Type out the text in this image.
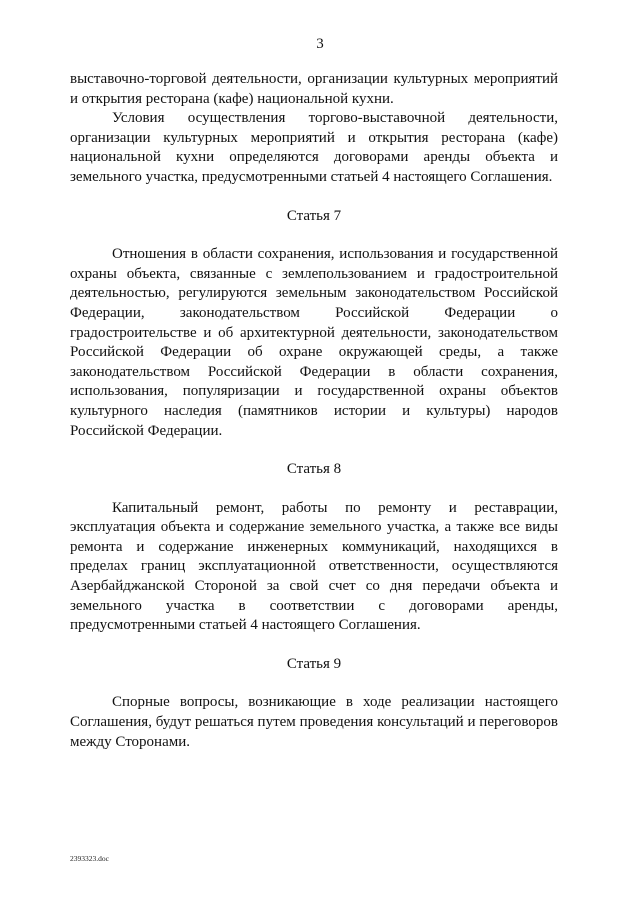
3

выставочно-торговой деятельности, организации культурных мероприятий и открытия ресторана (кафе) национальной кухни.

Условия осуществления торгово-выставочной деятельности, организации культурных мероприятий и открытия ресторана (кафе) национальной кухни определяются договорами аренды объекта и земельного участка, предусмотренными статьей 4 настоящего Соглашения.

Статья 7

Отношения в области сохранения, использования и государственной охраны объекта, связанные с землепользованием и градостроительной деятельностью, регулируются земельным законодательством Российской Федерации, законодательством Российской Федерации о градостроительстве и об архитектурной деятельности, законодательством Российской Федерации об охране окружающей среды, а также законодательством Российской Федерации в области сохранения, использования, популяризации и государственной охраны объектов культурного наследия (памятников истории и культуры) народов Российской Федерации.

Статья 8

Капитальный ремонт, работы по ремонту и реставрации, эксплуатация объекта и содержание земельного участка, а также все виды ремонта и содержание инженерных коммуникаций, находящихся в пределах границ эксплуатационной ответственности, осуществляются Азербайджанской Стороной за свой счет со дня передачи объекта и земельного участка в соответствии с договорами аренды, предусмотренными статьей 4 настоящего Соглашения.

Статья 9

Спорные вопросы, возникающие в ходе реализации настоящего Соглашения, будут решаться путем проведения консультаций и переговоров между Сторонами.

2393323.doc
